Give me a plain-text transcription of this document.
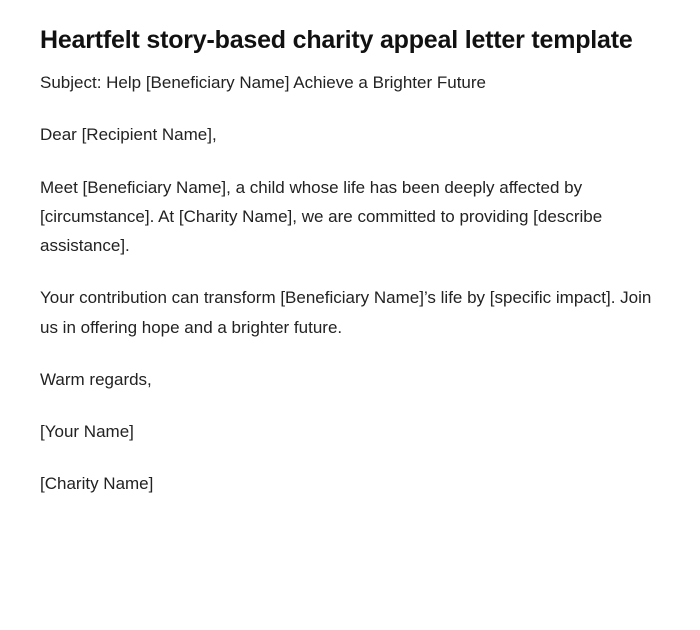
Heartfelt story-based charity appeal letter template

Subject: Help [Beneficiary Name] Achieve a Brighter Future

Dear [Recipient Name],

Meet [Beneficiary Name], a child whose life has been deeply affected by [circumstance]. At [Charity Name], we are committed to providing [describe assistance].

Your contribution can transform [Beneficiary Name]’s life by [specific impact]. Join us in offering hope and a brighter future.

Warm regards,

[Your Name]

[Charity Name]
